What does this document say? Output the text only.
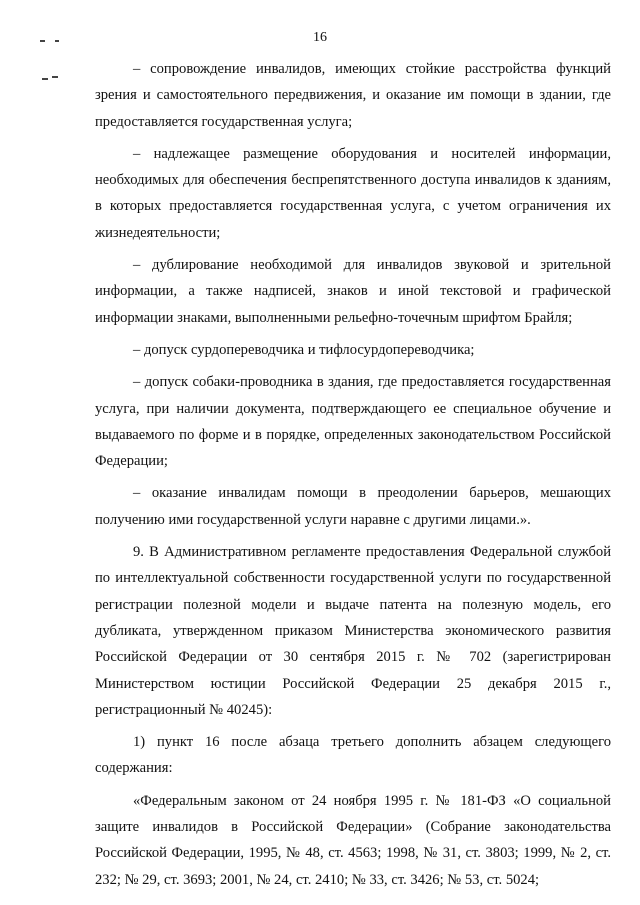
16

– сопровождение инвалидов, имеющих стойкие расстройства функций зрения и самостоятельного передвижения, и оказание им помощи в здании, где предоставляется государственная услуга;

– надлежащее размещение оборудования и носителей информации, необходимых для обеспечения беспрепятственного доступа инвалидов к зданиям, в которых предоставляется государственная услуга, с учетом ограничения их жизнедеятельности;

– дублирование необходимой для инвалидов звуковой и зрительной информации, а также надписей, знаков и иной текстовой и графической информации знаками, выполненными рельефно-точечным шрифтом Брайля;

– допуск сурдопереводчика и тифлосурдопереводчика;

– допуск собаки-проводника в здания, где предоставляется государственная услуга, при наличии документа, подтверждающего ее специальное обучение и выдаваемого по форме и в порядке, определенных законодательством Российской Федерации;

– оказание инвалидам помощи в преодолении барьеров, мешающих получению ими государственной услуги наравне с другими лицами.».

9. В Административном регламенте предоставления Федеральной службой по интеллектуальной собственности государственной услуги по государственной регистрации полезной модели и выдаче патента на полезную модель, его дубликата, утвержденном приказом Министерства экономического развития Российской Федерации от 30 сентября 2015 г. № 702 (зарегистрирован Министерством юстиции Российской Федерации 25 декабря 2015 г., регистрационный № 40245):

1) пункт 16 после абзаца третьего дополнить абзацем следующего содержания:

«Федеральным законом от 24 ноября 1995 г. № 181-ФЗ «О социальной защите инвалидов в Российской Федерации» (Собрание законодательства Российской Федерации, 1995, № 48, ст. 4563; 1998, № 31, ст. 3803; 1999, № 2, ст. 232; № 29, ст. 3693; 2001, № 24, ст. 2410; № 33, ст. 3426; № 53, ст. 5024;
